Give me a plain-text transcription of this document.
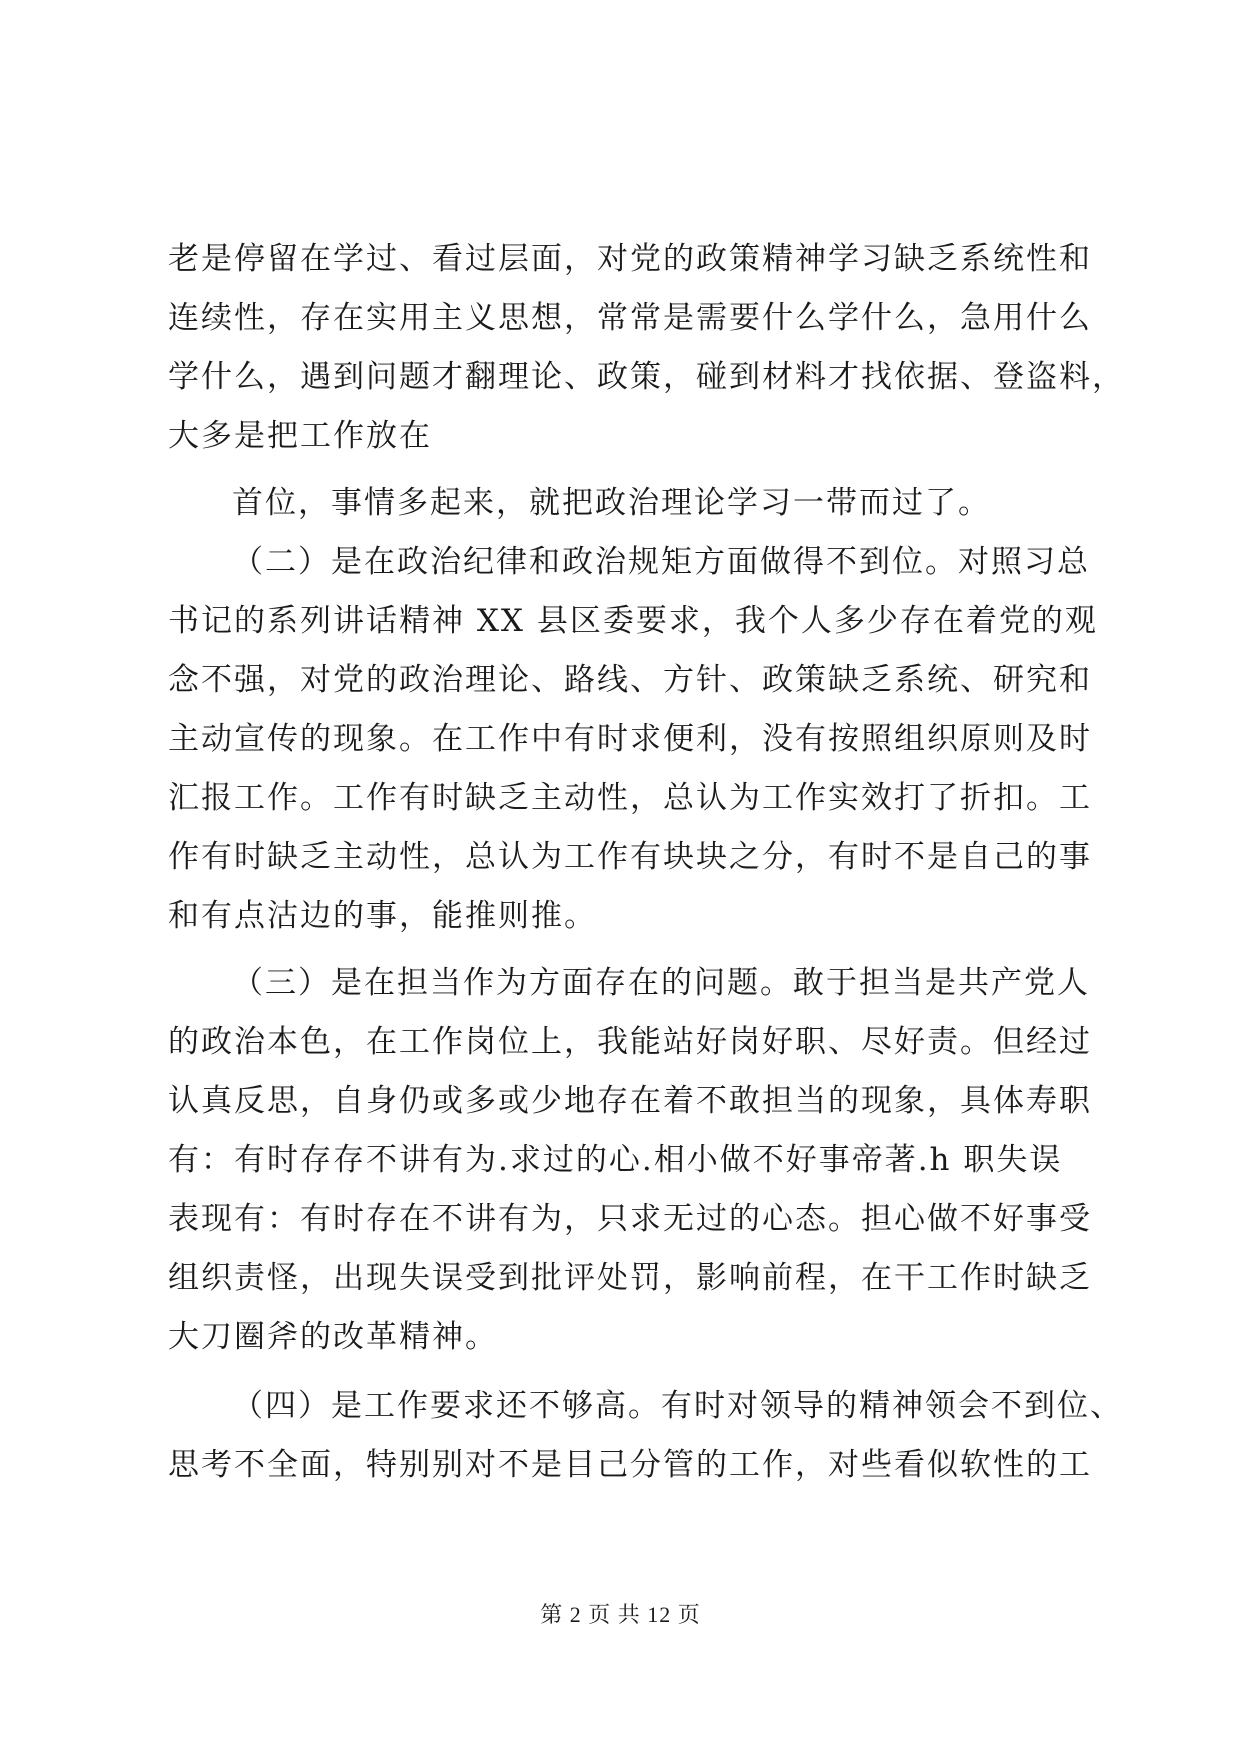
老是停留在学过、看过层面，对党的政策精神学习缺乏系统性和
连续性，存在实用主义思想，常常是需要什么学什么，急用什么
学什么，遇到问题才翻理论、政策，碰到材料才找依据、登盗料，
大多是把工作放在
首位，事情多起来，就把政治理论学习一带而过了。
（二）是在政治纪律和政治规矩方面做得不到位。对照习总
书记的系列讲话精神 XX 县区委要求，我个人多少存在着党的观
念不强，对党的政治理论、路线、方针、政策缺乏系统、研究和
主动宣传的现象。在工作中有时求便利，没有按照组织原则及时
汇报工作。工作有时缺乏主动性，总认为工作实效打了折扣。工
作有时缺乏主动性，总认为工作有块块之分，有时不是自己的事
和有点沽边的事，能推则推。
（三）是在担当作为方面存在的问题。敢于担当是共产党人
的政治本色，在工作岗位上，我能站好岗好职、尽好责。但经过
认真反思，自身仍或多或少地存在着不敢担当的现象，具体寿职
有：有时存存不讲有为.求过的心.相小做不好事帝著.h 职失误
表现有：有时存在不讲有为，只求无过的心态。担心做不好事受
组织责怪，出现失误受到批评处罚，影响前程，在干工作时缺乏
大刀圈斧的改革精神。
（四）是工作要求还不够高。有时对领导的精神领会不到位、
思考不全面，特别别对不是目己分管的工作，对些看似软性的工
第 2 页 共 12 页
